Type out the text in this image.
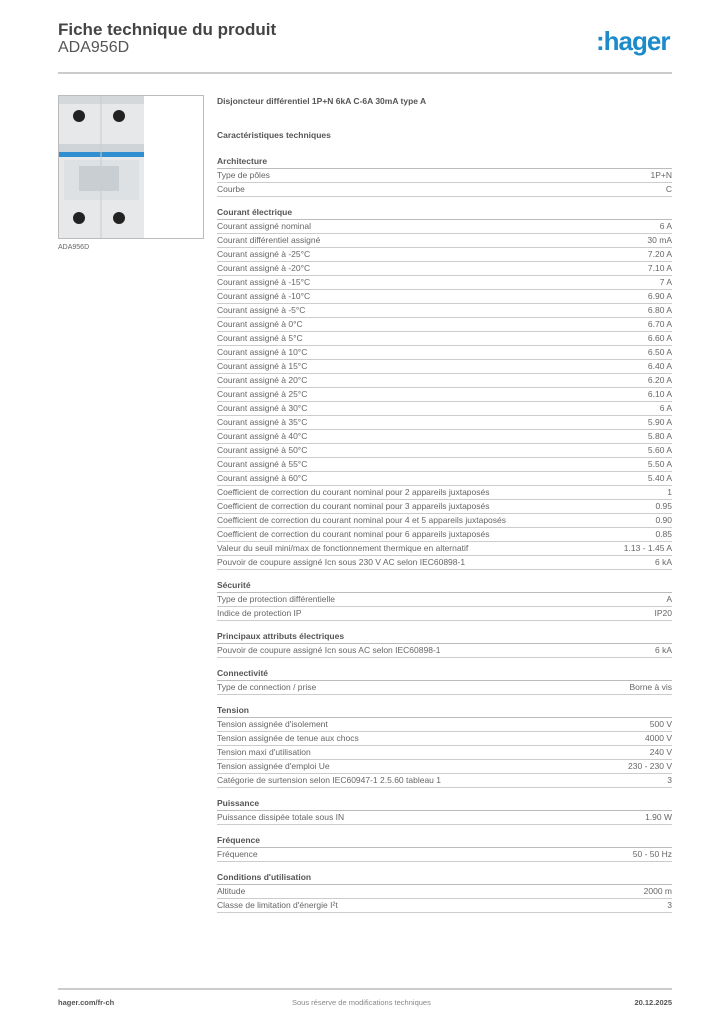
Fiche technique du produit
ADA956D	:hager
ADA956D
Disjoncteur différentiel 1P+N 6kA C-6A 30mA type A
Caractéristiques techniques
Architecture
Type de pôles	1P+N
Courbe	C
Courant électrique
Courant assigné nominal	6 A
Courant différentiel assigné	30 mA
Courant assigné à -25°C	7.20 A
Courant assigné à -20°C	7.10 A
Courant assigné à -15°C	7 A
Courant assigné à -10°C	6.90 A
Courant assigné à -5°C	6.80 A
Courant assigné à 0°C	6.70 A
Courant assigné à 5°C	6.60 A
Courant assigné à 10°C	6.50 A
Courant assigné à 15°C	6.40 A
Courant assigné à 20°C	6.20 A
Courant assigné à 25°C	6.10 A
Courant assigné à 30°C	6 A
Courant assigné à 35°C	5.90 A
Courant assigné à 40°C	5.80 A
Courant assigné à 50°C	5.60 A
Courant assigné à 55°C	5.50 A
Courant assigné à 60°C	5.40 A
Coefficient de correction du courant nominal pour 2 appareils juxtaposés	1
Coefficient de correction du courant nominal pour 3 appareils juxtaposés	0.95
Coefficient de correction du courant nominal pour 4 et 5 appareils juxtaposés	0.90
Coefficient de correction du courant nominal pour 6 appareils juxtaposés	0.85
Valeur du seuil mini/max de fonctionnement thermique en alternatif	1.13 - 1.45 A
Pouvoir de coupure assigné Icn sous 230 V AC selon IEC60898-1	6 kA
Sécurité
Type de protection différentielle	A
Indice de protection IP	IP20
Principaux attributs électriques
Pouvoir de coupure assigné Icn sous AC selon IEC60898-1	6 kA
Connectivité
Type de connection / prise	Borne à vis
Tension
Tension assignée d'isolement	500 V
Tension assignée de tenue aux chocs	4000 V
Tension maxi d'utilisation	240 V
Tension assignée d'emploi Ue	230 - 230 V
Catégorie de surtension selon IEC60947-1 2.5.60 tableau 1	3
Puissance
Puissance dissipée totale sous IN	1.90 W
Fréquence
Fréquence	50 - 50 Hz
Conditions d'utilisation
Altitude	2000 m
Classe de limitation d'énergie I²t	3
hager.com/fr-ch	Sous réserve de modifications techniques	20.12.2025
